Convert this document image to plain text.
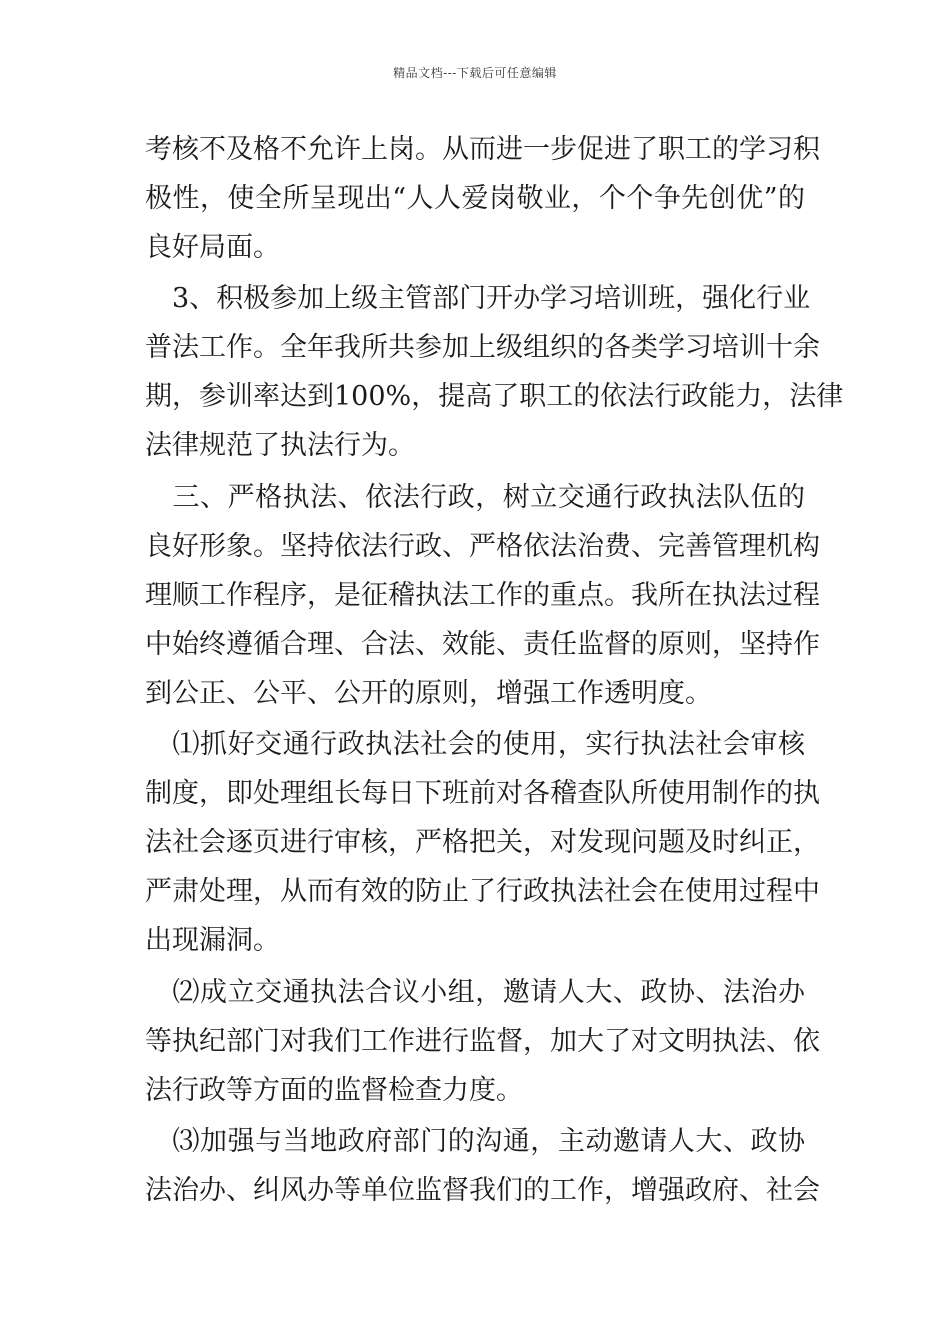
精品文档---下载后可任意编辑
考核不及格不允许上岗。从而进一步促进了职工的学习积
极性，使全所呈现出“人人爱岗敬业，个个争先创优”的
良好局面。
　3、积极参加上级主管部门开办学习培训班，强化行业
普法工作。全年我所共参加上级组织的各类学习培训十余
期，参训率达到100%，提高了职工的依法行政能力，法律
法律规范了执法行为。
　三、严格执法、依法行政，树立交通行政执法队伍的
良好形象。坚持依法行政、严格依法治费、完善管理机构
理顺工作程序，是征稽执法工作的重点。我所在执法过程
中始终遵循合理、合法、效能、责任监督的原则，坚持作
到公正、公平、公开的原则，增强工作透明度。
　⑴抓好交通行政执法社会的使用，实行执法社会审核
制度，即处理组长每日下班前对各稽查队所使用制作的执
法社会逐页进行审核，严格把关，对发现问题及时纠正，
严肃处理，从而有效的防止了行政执法社会在使用过程中
出现漏洞。
　⑵成立交通执法合议小组，邀请人大、政协、法治办
等执纪部门对我们工作进行监督，加大了对文明执法、依
法行政等方面的监督检查力度。
　⑶加强与当地政府部门的沟通，主动邀请人大、政协
法治办、纠风办等单位监督我们的工作，增强政府、社会
